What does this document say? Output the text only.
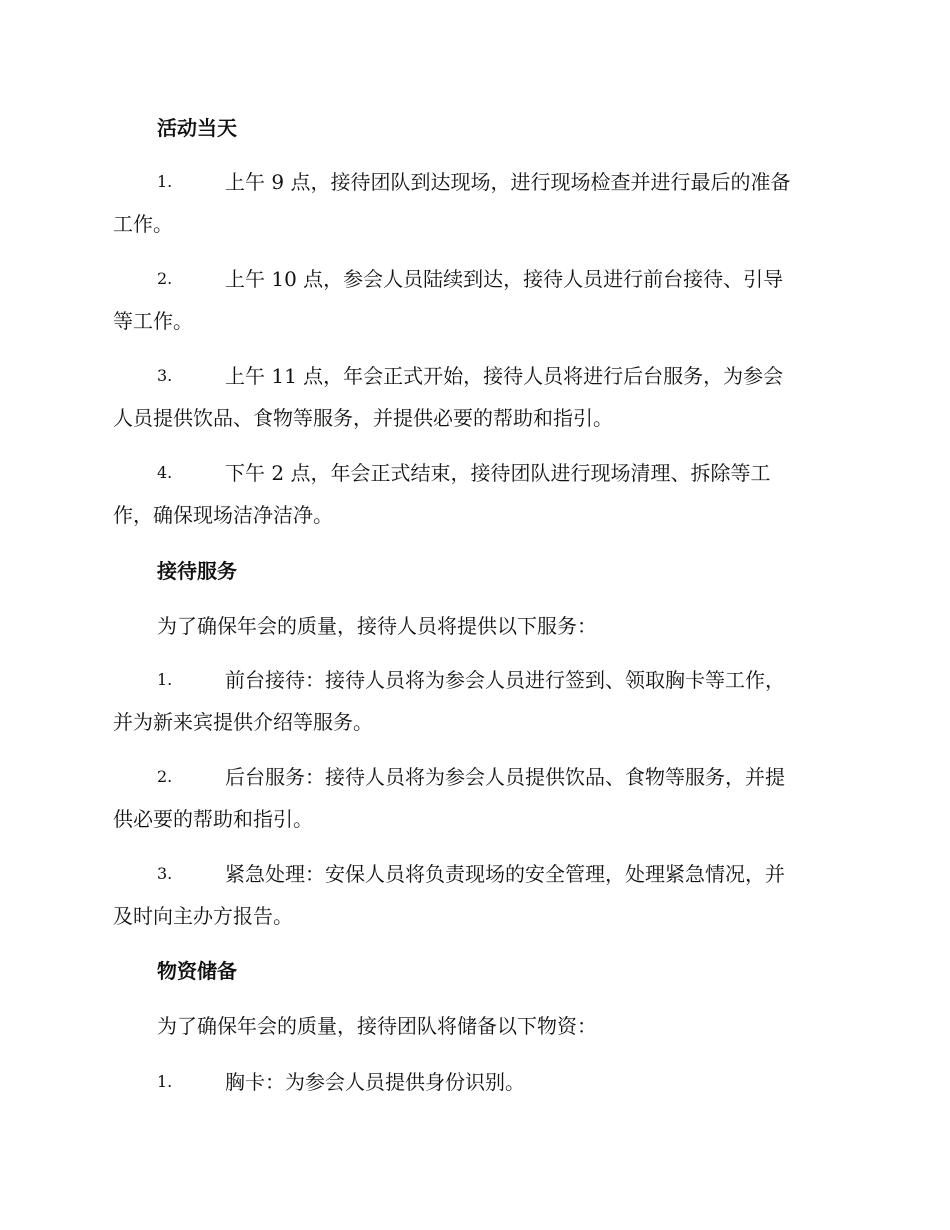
活动当天
1.	上午 9 点，接待团队到达现场，进行现场检查并进行最后的准备
工作。
2.	上午 10 点，参会人员陆续到达，接待人员进行前台接待、引导
等工作。
3.	上午 11 点，年会正式开始，接待人员将进行后台服务，为参会
人员提供饮品、食物等服务，并提供必要的帮助和指引。
4.	下午 2 点，年会正式结束，接待团队进行现场清理、拆除等工
作，确保现场洁净洁净。
接待服务
为了确保年会的质量，接待人员将提供以下服务：
1.	前台接待：接待人员将为参会人员进行签到、领取胸卡等工作，
并为新来宾提供介绍等服务。
2.	后台服务：接待人员将为参会人员提供饮品、食物等服务，并提
供必要的帮助和指引。
3.	紧急处理：安保人员将负责现场的安全管理，处理紧急情况，并
及时向主办方报告。
物资储备
为了确保年会的质量，接待团队将储备以下物资：
1.	胸卡：为参会人员提供身份识别。
